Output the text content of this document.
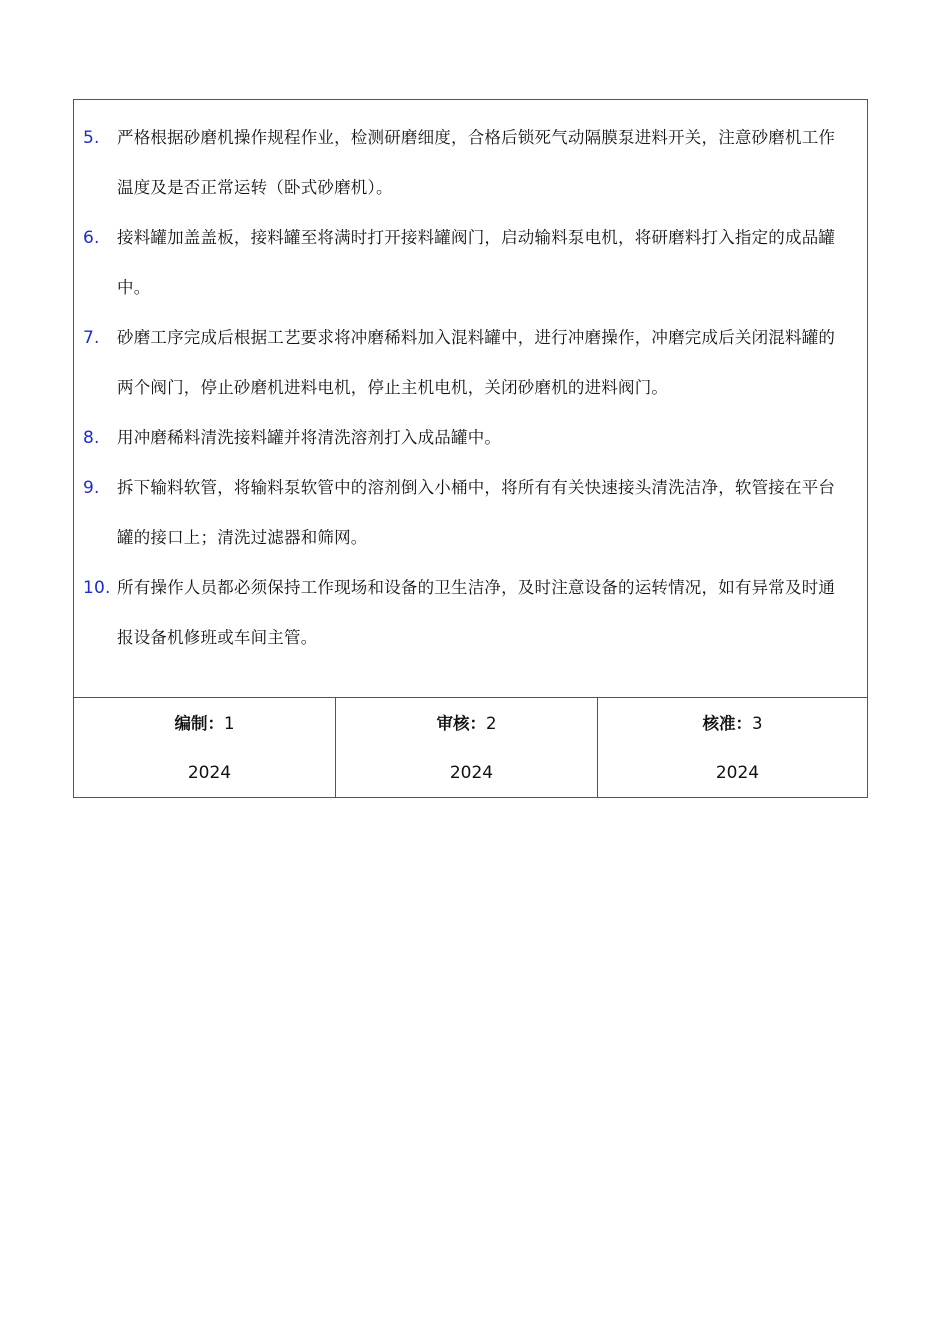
5. 严格根据砂磨机操作规程作业，检测研磨细度，合格后锁死气动隔膜泵进料开关，注意砂磨机工作温度及是否正常运转（卧式砂磨机）。
6. 接料罐加盖盖板，接料罐至将满时打开接料罐阀门，启动输料泵电机，将研磨料打入指定的成品罐中。
7. 砂磨工序完成后根据工艺要求将冲磨稀料加入混料罐中，进行冲磨操作，冲磨完成后关闭混料罐的两个阀门，停止砂磨机进料电机，停止主机电机，关闭砂磨机的进料阀门。
8. 用冲磨稀料清洗接料罐并将清洗溶剂打入成品罐中。
9. 拆下输料软管，将输料泵软管中的溶剂倒入小桶中，将所有有关快速接头清洗洁净，软管接在平台罐的接口上；清洗过滤器和筛网。
10. 所有操作人员都必须保持工作现场和设备的卫生洁净，及时注意设备的运转情况，如有异常及时通报设备机修班或车间主管。
编制：1
2024
审核：2
2024
核准：3
2024
